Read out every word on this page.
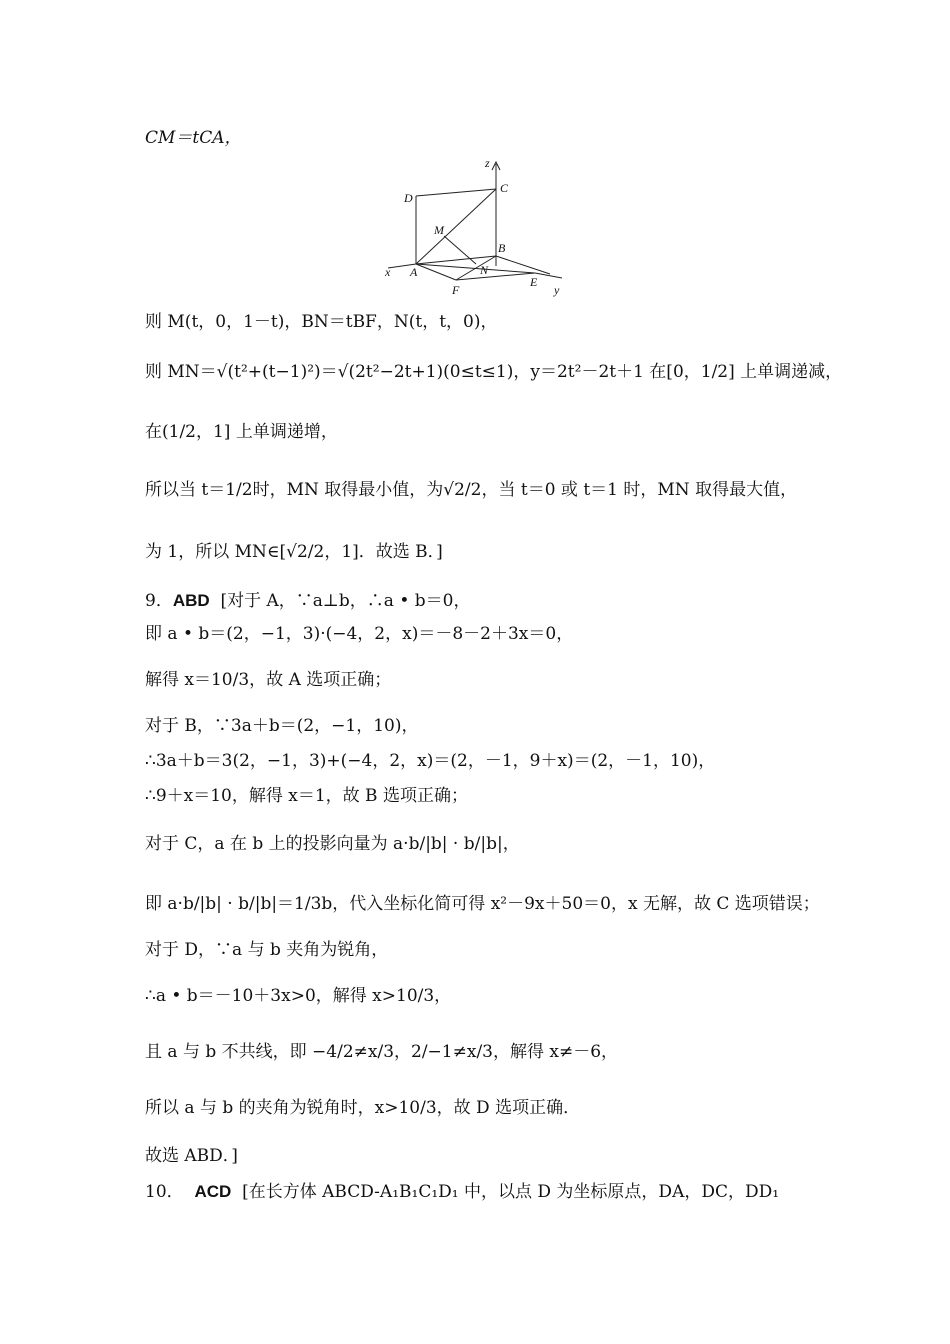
CM＝tCA，
z
C
D
M
B
x A	N
E
F	y
则 M(t，0，1－t)，BN＝tBF，N(t，t，0)，
则 MN＝√(t²+(t−1)²)＝√(2t²−2t+1)(0≤t≤1)，y＝2t²－2t＋1 在[0，1/2] 上单调递减，
在(1/2，1] 上单调递增，
所以当 t＝1/2时，MN 取得最小值，为√2/2，当 t＝0 或 t＝1 时，MN 取得最大值，
为 1，所以 MN∈[√2/2，1]．故选 B．]
9．ABD [对于 A，∵a⊥b，∴a • b＝0，
即 a • b＝(2，−1，3)·(−4，2，x)＝－8－2＋3x＝0，
解得 x＝10/3，故 A 选项正确；
对于 B，∵3a＋b＝(2，−1，10)，
∴3a＋b＝3(2，−1，3)+(−4，2，x)＝(2，－1，9＋x)＝(2，－1，10)，
∴9＋x＝10，解得 x＝1，故 B 选项正确；
对于 C，a 在 b 上的投影向量为 a·b/|b| · b/|b|，
即 a·b/|b| · b/|b|＝1/3b，代入坐标化简可得 x²－9x＋50＝0，x 无解，故 C 选项错误；
对于 D，∵a 与 b 夹角为锐角，
∴a • b＝－10＋3x>0，解得 x>10/3，
且 a 与 b 不共线，即 −4/2≠x/3，2/−1≠x/3，解得 x≠－6，
所以 a 与 b 的夹角为锐角时，x>10/3，故 D 选项正确．
故选 ABD．]
10． ACD [在长方体 ABCD-A₁B₁C₁D₁ 中，以点 D 为坐标原点，DA，DC，DD₁
